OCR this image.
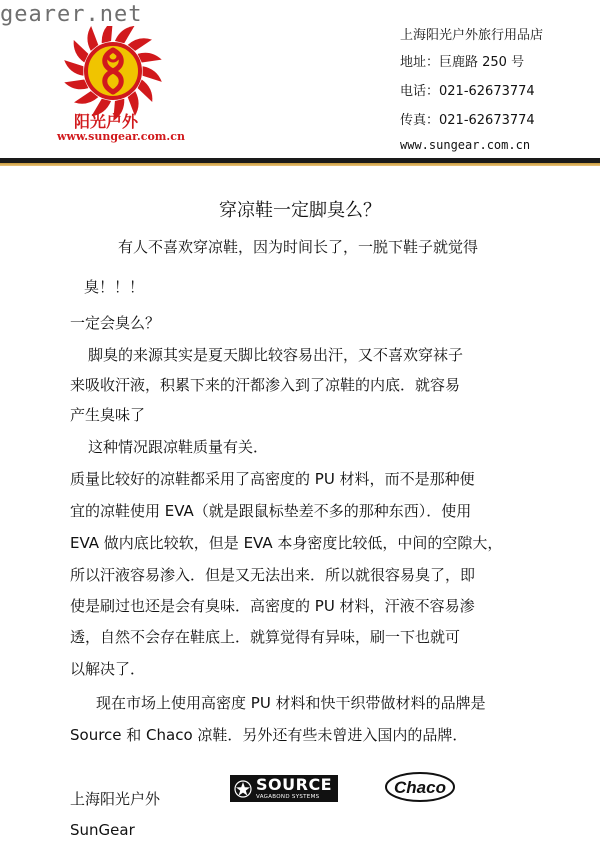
gearer.net
阳光户外
www.sungear.com.cn
上海阳光户外旅行用品店
地址：巨鹿路 250 号
电话：021-62673774
传真：021-62673774
www.sungear.com.cn
穿凉鞋一定脚臭么？
有人不喜欢穿凉鞋，因为时间长了，一脱下鞋子就觉得
臭！！！
一定会臭么？
脚臭的来源其实是夏天脚比较容易出汗，又不喜欢穿袜子
来吸收汗液，积累下来的汗都渗入到了凉鞋的内底．就容易
产生臭味了
这种情况跟凉鞋质量有关．
质量比较好的凉鞋都采用了高密度的 PU 材料，而不是那种便
宜的凉鞋使用 EVA（就是跟鼠标垫差不多的那种东西）．使用
EVA 做内底比较软，但是 EVA 本身密度比较低，中间的空隙大，
所以汗液容易渗入．但是又无法出来．所以就很容易臭了，即
使是刷过也还是会有臭味．高密度的 PU 材料，汗液不容易渗
透，自然不会存在鞋底上．就算觉得有异味，刷一下也就可
以解决了．
现在市场上使用高密度 PU 材料和快干织带做材料的品牌是
Source 和 Chaco 凉鞋．另外还有些未曾进入国内的品牌．
上海阳光户外
SunGear
SOURCE
VAGABOND SYSTEMS	Chaco
